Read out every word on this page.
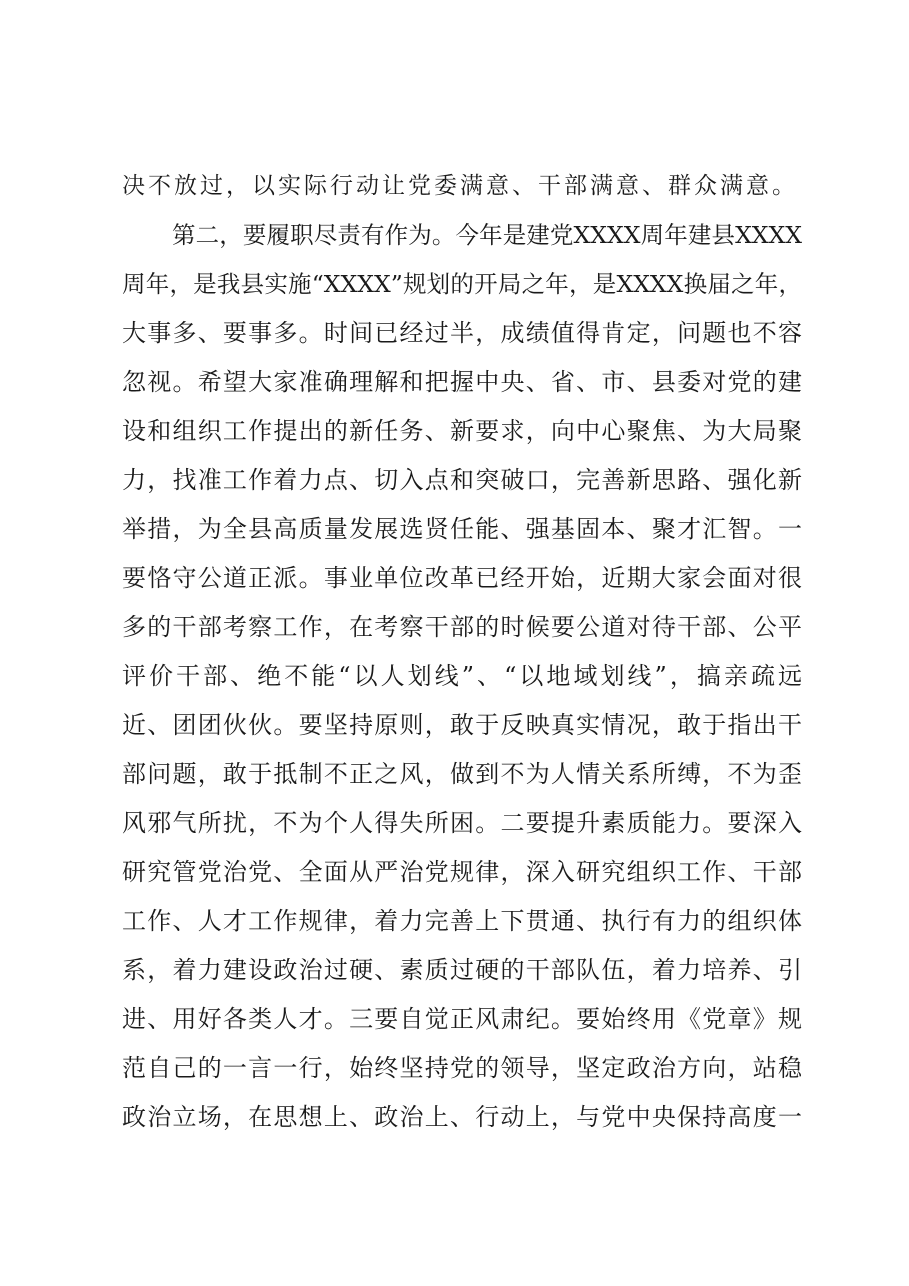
决不放过，以实际行动让党委满意、干部满意、群众满意。
第二，要履职尽责有作为。今年是建党XXXX周年建县XXXX
周年，是我县实施“XXXX”规划的开局之年，是XXXX换届之年，
大事多、要事多。时间已经过半，成绩值得肯定，问题也不容
忽视。希望大家准确理解和把握中央、省、市、县委对党的建
设和组织工作提出的新任务、新要求，向中心聚焦、为大局聚
力，找准工作着力点、切入点和突破口，完善新思路、强化新
举措，为全县高质量发展选贤任能、强基固本、聚才汇智。一
要恪守公道正派。事业单位改革已经开始，近期大家会面对很
多的干部考察工作，在考察干部的时候要公道对待干部、公平
评价干部、绝不能“以人划线”、“以地域划线”，搞亲疏远
近、团团伙伙。要坚持原则，敢于反映真实情况，敢于指出干
部问题，敢于抵制不正之风，做到不为人情关系所缚，不为歪
风邪气所扰，不为个人得失所困。二要提升素质能力。要深入
研究管党治党、全面从严治党规律，深入研究组织工作、干部
工作、人才工作规律，着力完善上下贯通、执行有力的组织体
系，着力建设政治过硬、素质过硬的干部队伍，着力培养、引
进、用好各类人才。三要自觉正风肃纪。要始终用《党章》规
范自己的一言一行，始终坚持党的领导，坚定政治方向，站稳
政治立场，在思想上、政治上、行动上，与党中央保持高度一
